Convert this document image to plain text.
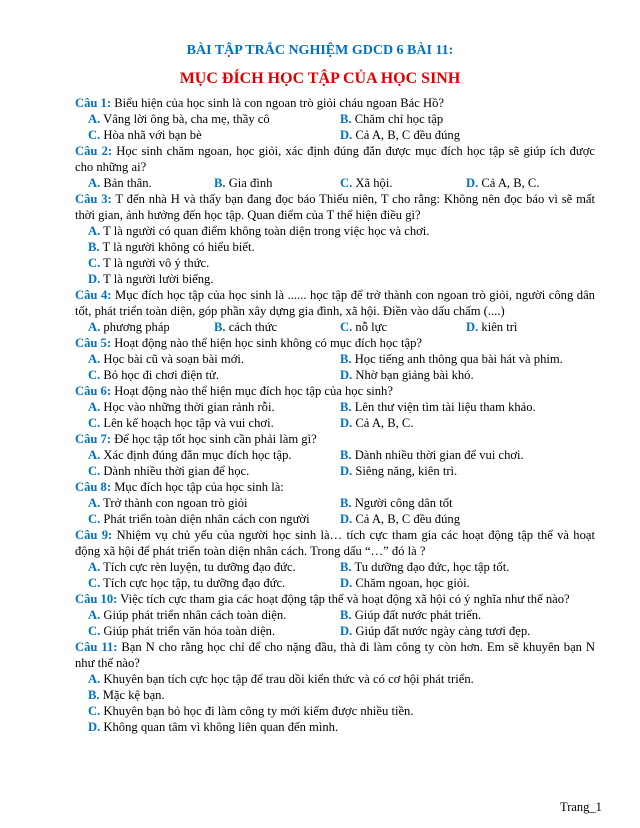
BÀI TẬP TRẮC NGHIỆM GDCD 6 BÀI 11:
MỤC ĐÍCH HỌC TẬP CỦA HỌC SINH
Câu 1: Biểu hiện của học sinh là con ngoan trò giỏi cháu ngoan Bác Hồ?
A. Vâng lời ông bà, cha mẹ, thầy cô	B. Chăm chỉ học tập
C. Hòa nhã với bạn bè	D. Cả A, B, C đều đúng
Câu 2: Học sinh chăm ngoan, học giỏi, xác định đúng đắn được mục đích học tập sẽ giúp ích được cho những ai?
A. Bản thân.	B. Gia đình	C. Xã hội.	D. Cả A, B, C.
Câu 3: T đến nhà H và thấy bạn đang đọc báo Thiếu niên, T cho rằng: Không nên đọc báo vì sẽ mất thời gian, ảnh hưởng đến học tập. Quan điểm của T thể hiện điều gì?
A. T là người có quan điểm không toàn diện trong việc học và chơi.
B. T là người không có hiểu biết.
C. T là người vô ý thức.
D. T là người lười biếng.
Câu 4: Mục đích học tập của học sinh là ...... học tập để trở thành con ngoan trò giỏi, người công dân tốt, phát triển toàn diện, góp phần xây dựng gia đình, xã hội. Điền vào dấu chấm (....)
A. phương pháp	B. cách thức	C. nỗ lực	D. kiên trì
Câu 5: Hoạt động nào thể hiện học sinh không có mục đích học tập?
A. Học bài cũ và soạn bài mới.	B. Học tiếng anh thông qua bài hát và phim.
C. Bỏ học đi chơi điện tử.	D. Nhờ bạn giảng bài khó.
Câu 6: Hoạt động nào thể hiện mục đích học tập của học sinh?
A. Học vào những thời gian rảnh rỗi.	B. Lên thư viện tìm tài liệu tham khảo.
C. Lên kế hoạch học tập và vui chơi.	D. Cả A, B, C.
Câu 7: Để học tập tốt học sinh cần phải làm gì?
A. Xác định đúng đắn mục đích học tập.	B. Dành nhiều thời gian để vui chơi.
C. Dành nhiều thời gian để học.	D. Siêng năng, kiên trì.
Câu 8: Mục đích học tập của học sinh là:
A. Trở thành con ngoan trò giỏi	B. Người công dân tốt
C. Phát triển toàn diện nhân cách con người	D. Cả A, B, C đều đúng
Câu 9: Nhiệm vụ chủ yếu của người học sinh là… tích cực tham gia các hoạt động tập thể và hoạt động xã hội để phát triển toàn diện nhân cách. Trong dấu “…” đó là ?
A. Tích cực rèn luyện, tu dưỡng đạo đức.	B. Tu dưỡng đạo đức, học tập tốt.
C. Tích cực học tập, tu dưỡng đạo đức.	D. Chăm ngoan, học giỏi.
Câu 10: Việc tích cực tham gia các hoạt động tập thể và hoạt động xã hội có ý nghĩa như thế nào?
A. Giúp phát triển nhân cách toàn diện.	B. Giúp đất nước phát triển.
C. Giúp phát triển văn hóa toàn diện.	D. Giúp đất nước ngày càng tươi đẹp.
Câu 11: Bạn N cho rằng học chỉ để cho nặng đầu, thà đi làm công ty còn hơn. Em sẽ khuyên bạn N như thế nào?
A. Khuyên bạn tích cực học tập để trau dồi kiến thức và có cơ hội phát triển.
B. Mặc kệ bạn.
C. Khuyên bạn bỏ học đi làm công ty mới kiếm được nhiều tiền.
D. Không quan tâm vì không liên quan đến mình.
Trang_1
